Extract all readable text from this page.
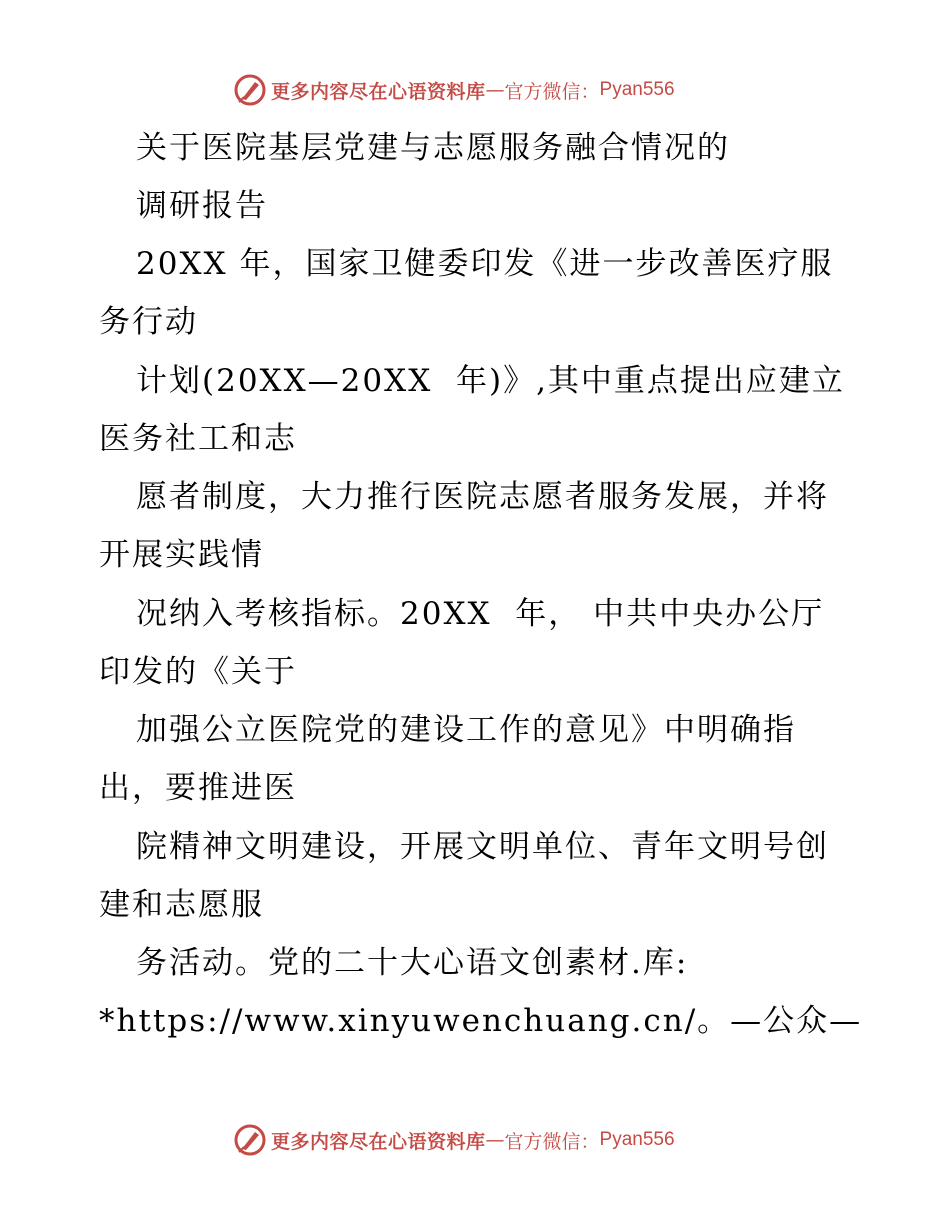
更多内容尽在心语资料库 — 官方微信： Pyan556
关于医院基层党建与志愿服务融合情况的
调研报告
20XX 年，国家卫健委印发《进一步改善医疗服
务行动
计划(20XX—20XX  年)》,其中重点提出应建立
医务社工和志
愿者制度，大力推行医院志愿者服务发展，并将
开展实践情
况纳入考核指标。20XX  年， 中共中央办公厅
印发的《关于
加强公立医院党的建设工作的意见》中明确指
出，要推进医
院精神文明建设，开展文明单位、青年文明号创
建和志愿服
务活动。党的二十大心语文创素材.库:
*https://www.xinyuwenchuang.cn/。—公众—
更多内容尽在心语资料库 — 官方微信： Pyan556
